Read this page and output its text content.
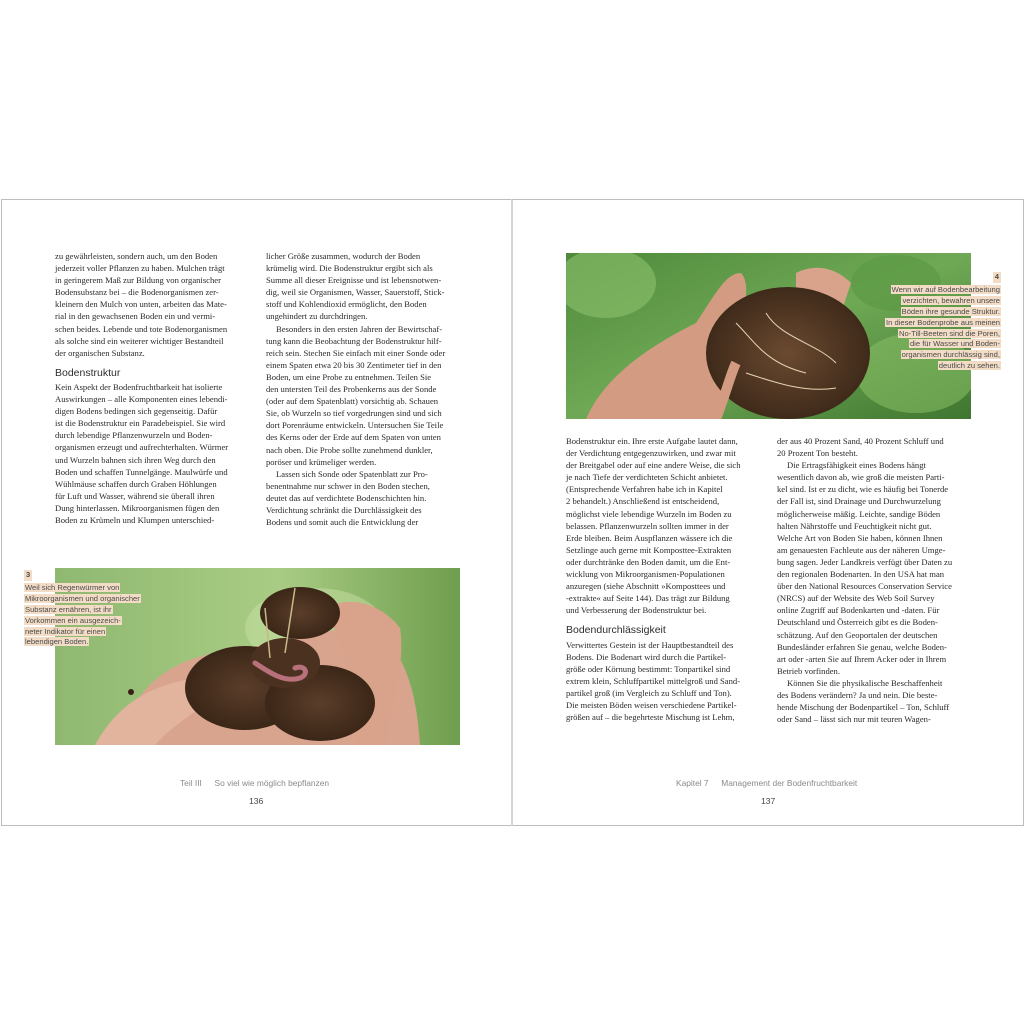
zu gewährleisten, sondern auch, um den Boden

jederzeit voller Pflanzen zu haben. Mulchen trägt

in geringerem Maß zur Bildung von organischer

Bodensubstanz bei – die Bodenorganismen zer-

kleinern den Mulch von unten, arbeiten das Mate-

rial in den gewachsenen Boden ein und vermi-

schen beides. Lebende und tote Bodenorganismen

als solche sind ein weiterer wichtiger Bestandteil

der organischen Substanz.

Bodenstruktur

Kein Aspekt der Bodenfruchtbarkeit hat isolierte

Auswirkungen – alle Komponenten eines lebendi-

digen Bodens bedingen sich gegenseitig. Dafür

ist die Bodenstruktur ein Paradebeispiel. Sie wird

durch lebendige Pflanzenwurzeln und Boden-

organismen erzeugt und aufrechterhalten. Würmer

und Wurzeln bahnen sich ihren Weg durch den

Boden und schaffen Tunnelgänge. Maulwürfe und

Wühlmäuse schaffen durch Graben Höhlungen

für Luft und Wasser, während sie überall ihren

Dung hinterlassen. Mikroorganismen fügen den

Boden zu Krümeln und Klumpen unterschied-

licher Größe zusammen, wodurch der Boden

krümelig wird. Die Bodenstruktur ergibt sich als

Summe all dieser Ereignisse und ist lebensnotwen-

dig, weil sie Organismen, Wasser, Sauerstoff, Stick-

stoff und Kohlendioxid ermöglicht, den Boden

ungehindert zu durchdringen.

Besonders in den ersten Jahren der Bewirtschaf-

tung kann die Beobachtung der Bodenstruktur hilf-

reich sein. Stechen Sie einfach mit einer Sonde oder

einem Spaten etwa 20 bis 30 Zentimeter tief in den

Boden, um eine Probe zu entnehmen. Teilen Sie

den untersten Teil des Probenkerns aus der Sonde

(oder auf dem Spatenblatt) vorsichtig ab. Schauen

Sie, ob Wurzeln so tief vorgedrungen sind und sich

dort Porenräume entwickeln. Untersuchen Sie Teile

des Kerns oder der Erde auf dem Spaten von unten

nach oben. Die Probe sollte zunehmend dunkler,

poröser und krümeliger werden.

Lassen sich Sonde oder Spatenblatt zur Pro-

benentnahme nur schwer in den Boden stechen,

deutet das auf verdichtete Bodenschichten hin.

Verdichtung schränkt die Durchlässigkeit des

Bodens und somit auch die Entwicklung der

3
Weil sich Regenwürmer von
Mikroorganismen und organischer
Substanz ernähren, ist ihr
Vorkommen ein ausgezeich-
neter Indikator für einen
lebendigen Boden.
Teil III So viel wie möglich bepflanzen
136
4
Wenn wir auf Bodenbearbeitung
verzichten, bewahren unsere
Böden ihre gesunde Struktur.
In dieser Bodenprobe aus meinen
No-Till-Beeten sind die Poren,
die für Wasser und Boden-
organismen durchlässig sind,
deutlich zu sehen.

Bodenstruktur ein. Ihre erste Aufgabe lautet dann,

der Verdichtung entgegenzuwirken, und zwar mit

der Breitgabel oder auf eine andere Weise, die sich

je nach Tiefe der verdichteten Schicht anbietet.

(Entsprechende Verfahren habe ich in Kapitel

2 behandelt.) Anschließend ist entscheidend,

möglichst viele lebendige Wurzeln im Boden zu

belassen. Pflanzenwurzeln sollten immer in der

Erde bleiben. Beim Auspflanzen wässere ich die

Setzlinge auch gerne mit Komposttee-Extrakten

oder durchtränke den Boden damit, um die Ent-

wicklung von Mikroorganismen-Populationen

anzuregen (siehe Abschnitt »Komposttees und

-extrakte« auf Seite 144). Das trägt zur Bildung

und Verbesserung der Bodenstruktur bei.

Bodendurchlässigkeit

Verwittertes Gestein ist der Hauptbestandteil des

Bodens. Die Bodenart wird durch die Partikel-

größe oder Körnung bestimmt: Tonpartikel sind

extrem klein, Schluffpartikel mittelgroß und Sand-

partikel groß (im Vergleich zu Schluff und Ton).

Die meisten Böden weisen verschiedene Partikel-

größen auf – die begehrteste Mischung ist Lehm,

der aus 40 Prozent Sand, 40 Prozent Schluff und

20 Prozent Ton besteht.

Die Ertragsfähigkeit eines Bodens hängt

wesentlich davon ab, wie groß die meisten Parti-

kel sind. Ist er zu dicht, wie es häufig bei Tonerde

der Fall ist, sind Drainage und Durchwurzelung

möglicherweise mäßig. Leichte, sandige Böden

halten Nährstoffe und Feuchtigkeit nicht gut.

Welche Art von Boden Sie haben, können Ihnen

am genauesten Fachleute aus der näheren Umge-

bung sagen. Jeder Landkreis verfügt über Daten zu

den regionalen Bodenarten. In den USA hat man

über den National Resources Conservation Service

(NRCS) auf der Website des Web Soil Survey

online Zugriff auf Bodenkarten und -daten. Für

Deutschland und Österreich gibt es die Boden-

schätzung. Auf den Geoportalen der deutschen

Bundesländer erfahren Sie genau, welche Boden-

art oder -arten Sie auf Ihrem Acker oder in Ihrem

Betrieb vorfinden.

Können Sie die physikalische Beschaffenheit

des Bodens verändern? Ja und nein. Die beste-

hende Mischung der Bodenpartikel – Ton, Schluff

oder Sand – lässt sich nur mit teuren Wagen-

Kapitel 7 Management der Bodenfruchtbarkeit
137
